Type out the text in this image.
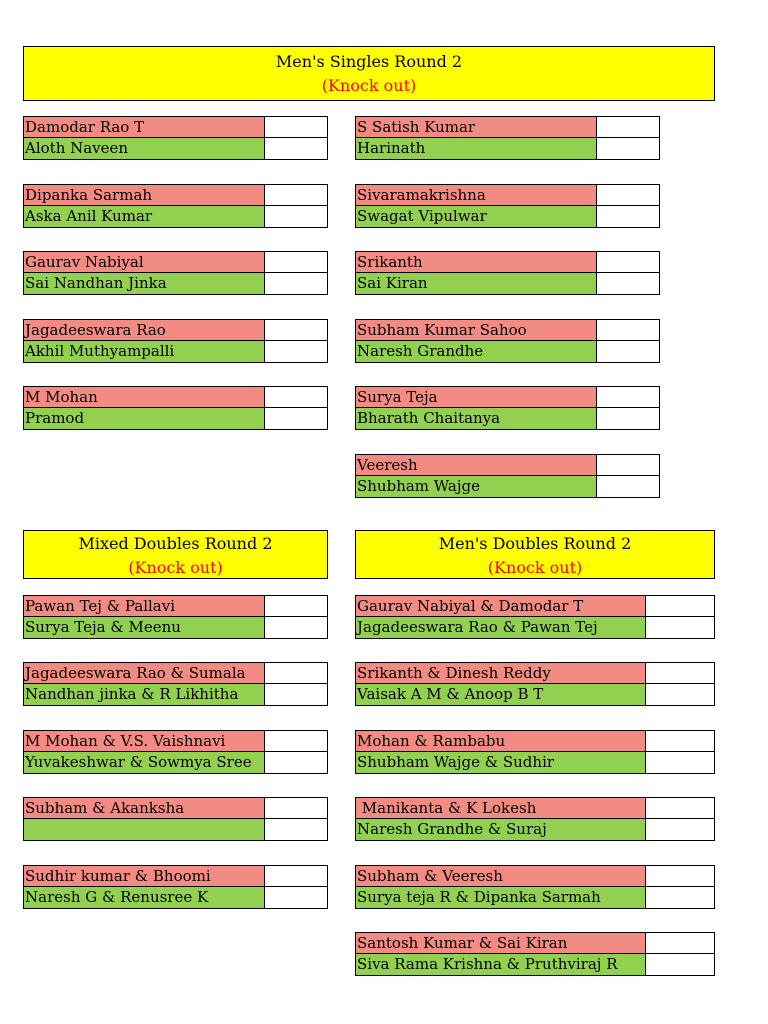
Men's Singles Round 2
(Knock out)
Damodar Rao T
Aloth Naveen
Dipanka Sarmah
Aska Anil Kumar
Gaurav Nabiyal
Sai Nandhan Jinka
Jagadeeswara Rao
Akhil Muthyampalli
M Mohan
Pramod
S Satish Kumar
Harinath
Sivaramakrishna
Swagat Vipulwar
Srikanth
Sai Kiran
Subham Kumar Sahoo
Naresh Grandhe
Surya Teja
Bharath Chaitanya
Veeresh
Shubham Wajge
Mixed Doubles Round 2
(Knock out)
Men's Doubles Round 2
(Knock out)
Pawan Tej & Pallavi
Surya Teja & Meenu
Jagadeeswara Rao & Sumala
Nandhan jinka & R Likhitha
M Mohan & V.S. Vaishnavi
Yuvakeshwar & Sowmya Sree
Subham & Akanksha
Sudhir kumar & Bhoomi
Naresh G & Renusree K
Gaurav Nabiyal & Damodar T
Jagadeeswara Rao & Pawan Tej
Srikanth & Dinesh Reddy
Vaisak A M & Anoop B T
Mohan & Rambabu
Shubham Wajge & Sudhir
Manikanta & K Lokesh
Naresh Grandhe & Suraj
Subham & Veeresh
Surya teja R & Dipanka Sarmah
Santosh Kumar & Sai Kiran
Siva Rama Krishna & Pruthviraj R
